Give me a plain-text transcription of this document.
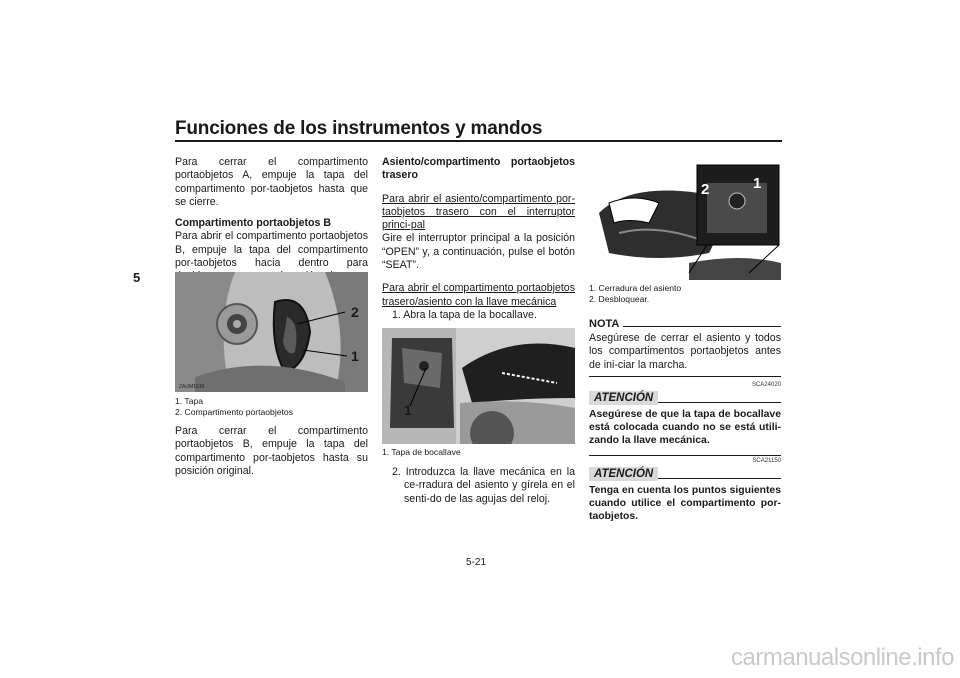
Funciones de los instrumentos y mandos
5

Para cerrar el compartimento portaobjetos A, empuje la tapa del compartimento por-taobjetos hasta que se cierre.

Compartimento portaobjetos B

Para abrir el compartimento portaobjetos B, empuje la tapa del compartimento por-taobjetos hacia dentro para

2
1
ZAUM1910
1. Tapa
2. Compartimento portaobjetos

Para cerrar el compartimento portaobjetos B, empuje la tapa del compartimento por-taobjetos hasta su posición original.

Asiento/compartimento portaobjetos trasero

Para abrir el asiento/compartimento por-taobjetos trasero con el interruptor princi-pal

Gire el interruptor principal a la posición “OPEN” y, a continuación, pulse el botón “SEAT”.

Para abrir el compartimento portaobjetos trasero/asiento con la llave mecánica

1. Abra la tapa de la bocallave.

1
1. Tapa de bocallave

2. Introduzca la llave mecánica en la ce-rradura del asiento y gírela en el senti-do de las agujas del reloj.

1
2
1. Cerradura del asiento
2. Desbloquear.
NOTA

Asegúrese de cerrar el asiento y todos los compartimentos portaobjetos antes de ini-ciar la marcha.

SCA24020
ATENCIÓN

Asegúrese de que la tapa de bocallave está colocada cuando no se está utili-zando la llave mecánica.

SCA21150
ATENCIÓN

Tenga en cuenta los puntos siguientes cuando utilice el compartimento por-taobjetos.

5-21
carmanualsonline.info
